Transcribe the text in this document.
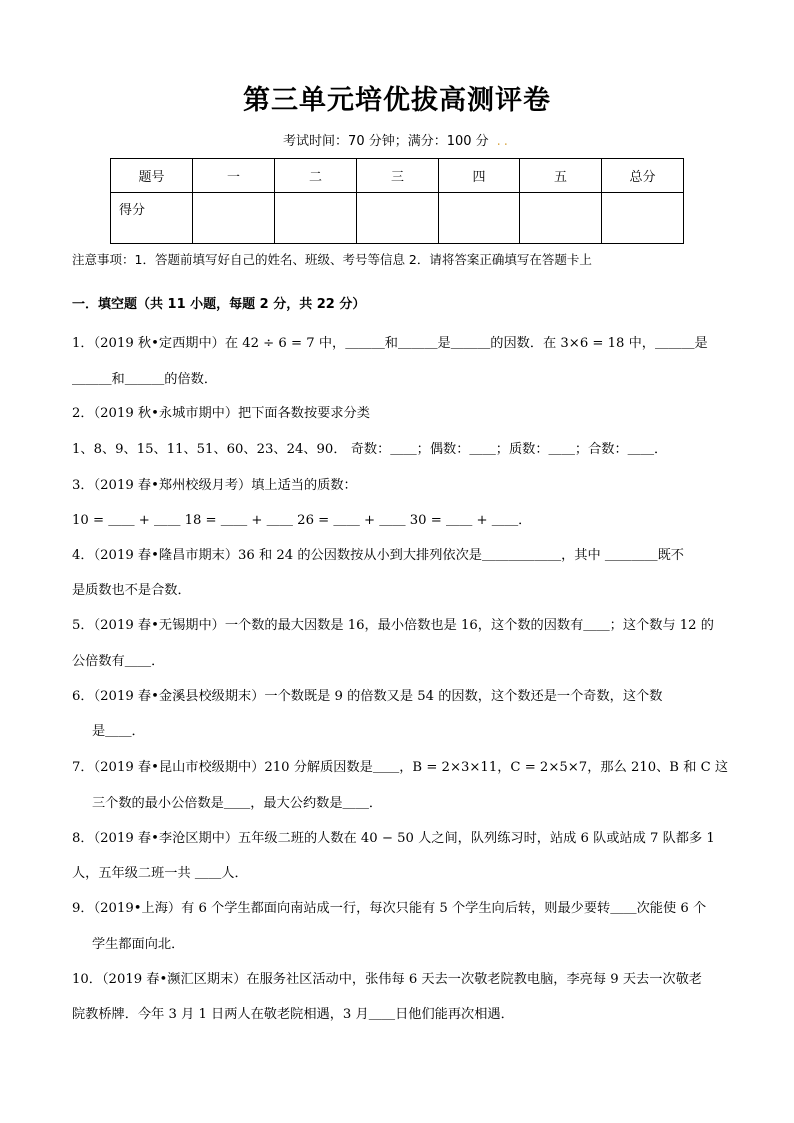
第三单元培优拔高测评卷
考试时间：70 分钟；满分：100 分 ..
题号	一	二	三	四	五	总分
得分						
注意事项：1．答题前填写好自己的姓名、班级、考号等信息 2．请将答案正确填写在答题卡上
一．填空题（共 11 小题，每题 2 分，共 22 分）
1．（2019 秋•定西期中）在 42 ÷ 6 = 7 中，＿＿＿和＿＿＿是＿＿＿的因数．在 3×6 = 18 中，＿＿＿是
＿＿＿和＿＿＿的倍数．
2．（2019 秋•永城市期中）把下面各数按要求分类
1、8、9、15、11、51、60、23、24、90． 奇数：＿＿；偶数：＿＿；质数：＿＿；合数：＿＿．
3．（2019 春•郑州校级月考）填上适当的质数：
10 = ＿＿ + ＿＿ 18 = ＿＿ + ＿＿ 26 = ＿＿ + ＿＿ 30 = ＿＿ + ＿＿．
4．（2019 春•隆昌市期末）36 和 24 的公因数按从小到大排列依次是＿＿＿＿＿＿，其中 ＿＿＿＿既不
是质数也不是合数．
5．（2019 春•无锡期中）一个数的最大因数是 16，最小倍数也是 16，这个数的因数有＿＿；这个数与 12 的
公倍数有＿＿．
6．（2019 春•金溪县校级期末）一个数既是 9 的倍数又是 54 的因数，这个数还是一个奇数，这个数
是＿＿．
7．（2019 春•昆山市校级期中）210 分解质因数是＿＿，B = 2×3×11，C = 2×5×7，那么 210、B 和 C 这
三个数的最小公倍数是＿＿，最大公约数是＿＿．
8．（2019 春•李沧区期中）五年级二班的人数在 40 − 50 人之间，队列练习时，站成 6 队或站成 7 队都多 1
人，五年级二班一共 ＿＿人．
9．（2019•上海）有 6 个学生都面向南站成一行，每次只能有 5 个学生向后转，则最少要转＿＿次能使 6 个
学生都面向北．
10．（2019 春•濒汇区期末）在服务社区活动中，张伟每 6 天去一次敬老院教电脑，李亮每 9 天去一次敬老
院教桥牌．今年 3 月 1 日两人在敬老院相遇，3 月＿＿日他们能再次相遇．
